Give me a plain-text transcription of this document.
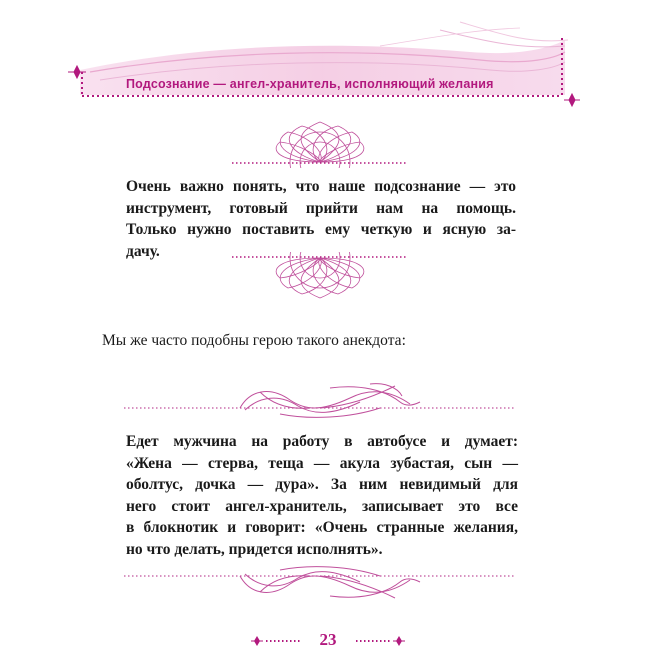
Подсознание — ангел-хранитель, исполняющий желания
Очень важно понять, что наше подсознание — это
инструмент, готовый прийти нам на помощь.
Только нужно поставить ему четкую и ясную за-
дачу.
Мы же часто подобны герою такого анекдота:
Едет мужчина на работу в автобусе и думает:
«Жена — стерва, теща — акула зубастая, сын —
оболтус, дочка — дура». За ним невидимый для
него стоит ангел-хранитель, записывает это все
в блокнотик и говорит: «Очень странные желания,
но что делать, придется исполнять».
23
